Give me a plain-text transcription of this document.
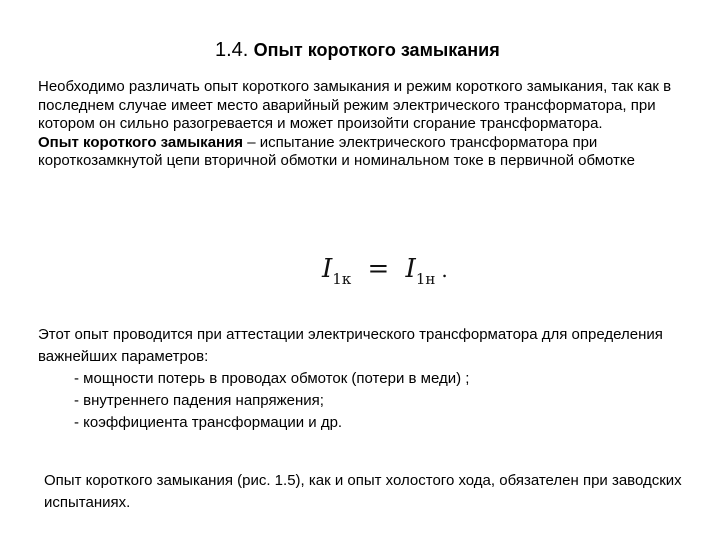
1.4. Опыт короткого замыкания

Необходимо различать опыт короткого замыкания и режим короткого замыкания, так как в последнем случае имеет место аварийный режим электрического трансформатора, при котором он сильно разогревается и может произойти сгорание трансформатора.

Опыт короткого замыкания – испытание электрического трансформатора при короткозамкнутой цепи вторичной обмотки и номинальном токе в первичной обмотке

$I_{1к} = I_{1н}$ .

Этот опыт проводится при аттестации электрического трансформатора для определения важнейших параметров:

- мощности потерь в проводах обмоток (потери в меди) ;
- внутреннего падения напряжения;
- коэффициента трансформации и др.

Опыт короткого замыкания (рис. 1.5), как и опыт холостого хода, обязателен при заводских испытаниях.
